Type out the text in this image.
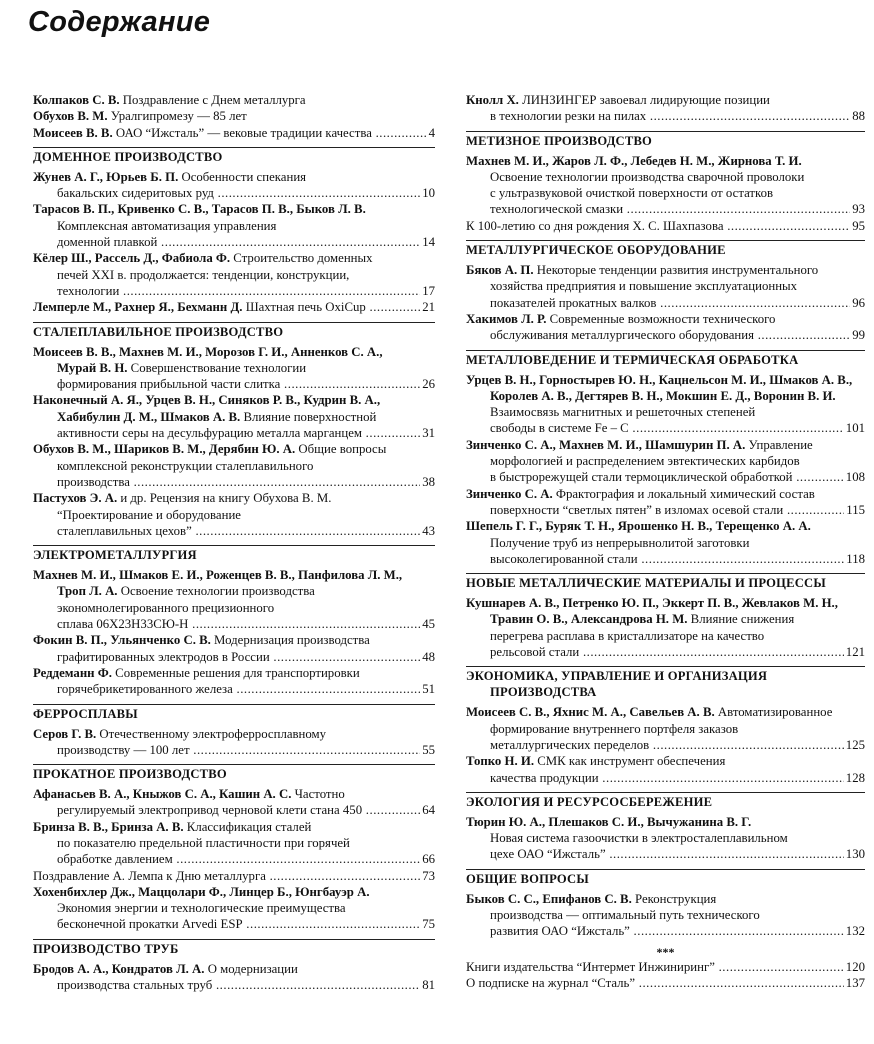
Содержание
Колпаков С. В. Поздравление с Днем металлурга
Обухов В. М. Уралгипромезу — 85 лет
Моисеев В. В. ОАО “Ижсталь” — вековые традиции качества	4
.....
ДОМЕННОЕ ПРОИЗВОДСТВО
Жунев А. Г., Юрьев Б. П. Особенности спекания
бакальских сидеритовых руд	10
.....
Тарасов В. П., Кривенко С. В., Тарасов П. В., Быков Л. В.
Комплексная автоматизация управления
доменной плавкой	14
.....
Кёлер Ш., Рассель Д., Фабиола Ф. Строительство доменных
печей XXI в. продолжается: тенденции, конструкции,
технологии	17
.....
Лемперле М., Рахнер Я., Бехманн Д. Шахтная печь OxiCup	21
.....
СТАЛЕПЛАВИЛЬНОЕ ПРОИЗВОДСТВО
Моисеев В. В., Махнев М. И., Морозов Г. И., Анненков С. А.,
Мурай В. Н. Совершенствование технологии
формирования прибыльной части слитка	26
.....
Наконечный А. Я., Урцев В. Н., Синяков Р. В., Кудрин В. А.,
Хабибулин Д. М., Шмаков А. В. Влияние поверхностной
активности серы на десульфурацию металла марганцем	31
.....
Обухов В. М., Шариков В. М., Дерябин Ю. А. Общие вопросы
комплексной реконструкции сталеплавильного
производства	38
.....
Пастухов Э. А. и др. Рецензия на книгу Обухова В. М.
“Проектирование и оборудование
сталеплавильных цехов”	43
.....
ЭЛЕКТРОМЕТАЛЛУРГИЯ
Махнев М. И., Шмаков Е. И., Роженцев В. В., Панфилова Л. М.,
Троп Л. А. Освоение технологии производства
экономнолегированного прецизионного
сплава 06Х23Н33СЮ-Н	45
.....
Фокин В. П., Ульянченко С. В. Модернизация производства
графитированных электродов в России	48
.....
Реддеманн Ф. Современные решения для транспортировки
горячебрикетированного железа	51
.....
ФЕРРОСПЛАВЫ
Серов Г. В. Отечественному электроферросплавному
производству — 100 лет	55
.....
ПРОКАТНОЕ ПРОИЗВОДСТВО
Афанасьев В. А., Кныжов С. А., Кашин А. С. Частотно
регулируемый электропривод черновой клети стана 450	64
.....
Бринза В. В., Бринза А. В. Классификация сталей
по показателю предельной пластичности при горячей
обработке давлением	66
.....
Поздравление А. Лемпа к Дню металлурга	73
.....
Хохенбихлер Дж., Маццолари Ф., Линцер Б., Юнгбауэр А.
Экономия энергии и технологические преимущества
бесконечной прокатки Arvedi ESP	75
.....
ПРОИЗВОДСТВО ТРУБ
Бродов А. А., Кондратов Л. А. О модернизации
производства стальных труб	81
.....
Кнолл Х. ЛИНЗИНГЕР завоевал лидирующие позиции
в технологии резки на пилах	88
.....
МЕТИЗНОЕ ПРОИЗВОДСТВО
Махнев М. И., Жаров Л. Ф., Лебедев Н. М., Жирнова Т. И.
Освоение технологии производства сварочной проволоки
с ультразвуковой очисткой поверхности от остатков
технологической смазки	93
.....
К 100-летию со дня рождения Х. С. Шахпазова	95
.....
МЕТАЛЛУРГИЧЕСКОЕ ОБОРУДОВАНИЕ
Бяков А. П. Некоторые тенденции развития инструментального
хозяйства предприятия и повышение эксплуатационных
показателей прокатных валков	96
.....
Хакимов Л. Р. Современные возможности технического
обслуживания металлургического оборудования	99
.....
МЕТАЛЛОВЕДЕНИЕ И ТЕРМИЧЕСКАЯ ОБРАБОТКА
Урцев В. Н., Горностырев Ю. Н., Кацнельсон М. И., Шмаков А. В.,
Королев А. В., Дегтярев В. Н., Мокшин Е. Д., Воронин В. И.
Взаимосвязь магнитных и решеточных степеней
свободы в системе Fe – C	101
.....
Зинченко С. А., Махнев М. И., Шамшурин П. А. Управление
морфологией и распределением эвтектических карбидов
в быстрорежущей стали термоциклической обработкой	108
.....
Зинченко С. А. Фрактография и локальный химический состав
поверхности “светлых пятен” в изломах осевой стали	115
.....
Шепель Г. Г., Буряк Т. Н., Ярошенко Н. В., Терещенко А. А.
Получение труб из непрерывнолитой заготовки
высоколегированной стали	118
.....
НОВЫЕ МЕТАЛЛИЧЕСКИЕ МАТЕРИАЛЫ И ПРОЦЕССЫ
Кушнарев А. В., Петренко Ю. П., Эккерт П. В., Жевлаков М. Н.,
Травин О. В., Александрова Н. М. Влияние снижения
перегрева расплава в кристаллизаторе на качество
рельсовой стали	121
.....
ЭКОНОМИКА, УПРАВЛЕНИЕ И ОРГАНИЗАЦИЯ
ПРОИЗВОДСТВА
Моисеев С. В., Яхнис М. А., Савельев А. В. Автоматизированное
формирование внутреннего портфеля заказов
металлургических переделов	125
.....
Топко Н. И. СМК как инструмент обеспечения
качества продукции	128
.....
ЭКОЛОГИЯ И РЕСУРСОСБЕРЕЖЕНИЕ
Тюрин Ю. А., Плешаков С. И., Вычужанина В. Г.
Новая система газоочистки в электросталеплавильном
цехе ОАО “Ижсталь”	130
.....
ОБЩИЕ ВОПРОСЫ
Быков С. С., Епифанов С. В. Реконструкция
производства — оптимальный путь технического
развития ОАО “Ижсталь”	132
.....
***
Книги издательства “Интермет Инжиниринг”	120
.....
О подписке на журнал “Сталь”	137
.....
